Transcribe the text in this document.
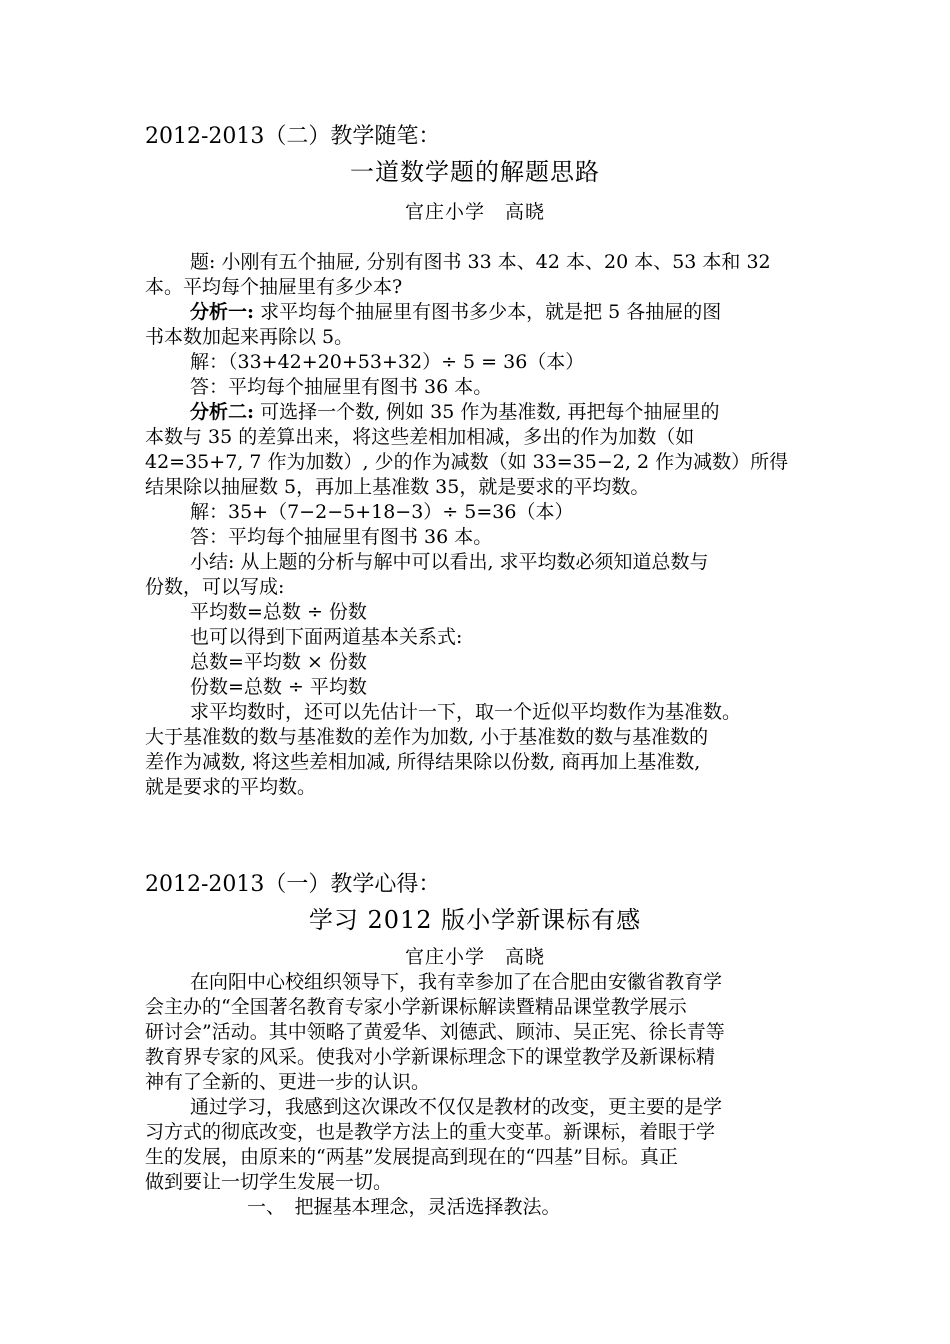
2012-2013（二）教学随笔：
一道数学题的解题思路
官庄小学　高晓
题: 小刚有五个抽屉, 分别有图书 33 本、42 本、20 本、53 本和 32
本。平均每个抽屉里有多少本?
分析一: 求平均每个抽屉里有图书多少本，就是把 5 各抽屉的图
书本数加起来再除以 5。
解：（33+42+20+53+32）÷ 5 = 36（本）
答：平均每个抽屉里有图书 36 本。
分析二: 可选择一个数, 例如 35 作为基准数, 再把每个抽屉里的
本数与 35 的差算出来，将这些差相加相减，多出的作为加数（如
42=35+7, 7 作为加数）, 少的作为减数（如 33=35−2, 2 作为减数）所得
结果除以抽屉数 5，再加上基准数 35，就是要求的平均数。
解：35+（7−2−5+18−3）÷ 5=36（本）
答：平均每个抽屉里有图书 36 本。
小结: 从上题的分析与解中可以看出, 求平均数必须知道总数与
份数，可以写成:
平均数=总数 ÷ 份数
也可以得到下面两道基本关系式:
总数=平均数 × 份数
份数=总数 ÷ 平均数
求平均数时，还可以先估计一下，取一个近似平均数作为基准数。
大于基准数的数与基准数的差作为加数, 小于基准数的数与基准数的
差作为减数, 将这些差相加减, 所得结果除以份数, 商再加上基准数,
就是要求的平均数。
2012-2013（一）教学心得：
学习 2012 版小学新课标有感
官庄小学　高晓
在向阳中心校组织领导下，我有幸参加了在合肥由安徽省教育学
会主办的“全国著名教育专家小学新课标解读暨精品课堂教学展示
研讨会”活动。其中领略了黄爱华、刘德武、顾沛、吴正宪、徐长青等
教育界专家的风采。使我对小学新课标理念下的课堂教学及新课标精
神有了全新的、更进一步的认识。
通过学习，我感到这次课改不仅仅是教材的改变，更主要的是学
习方式的彻底改变，也是教学方法上的重大变革。新课标，着眼于学
生的发展，由原来的“两基”发展提高到现在的“四基”目标。真正
做到要让一切学生发展一切。
一、　把握基本理念，灵活选择教法。
